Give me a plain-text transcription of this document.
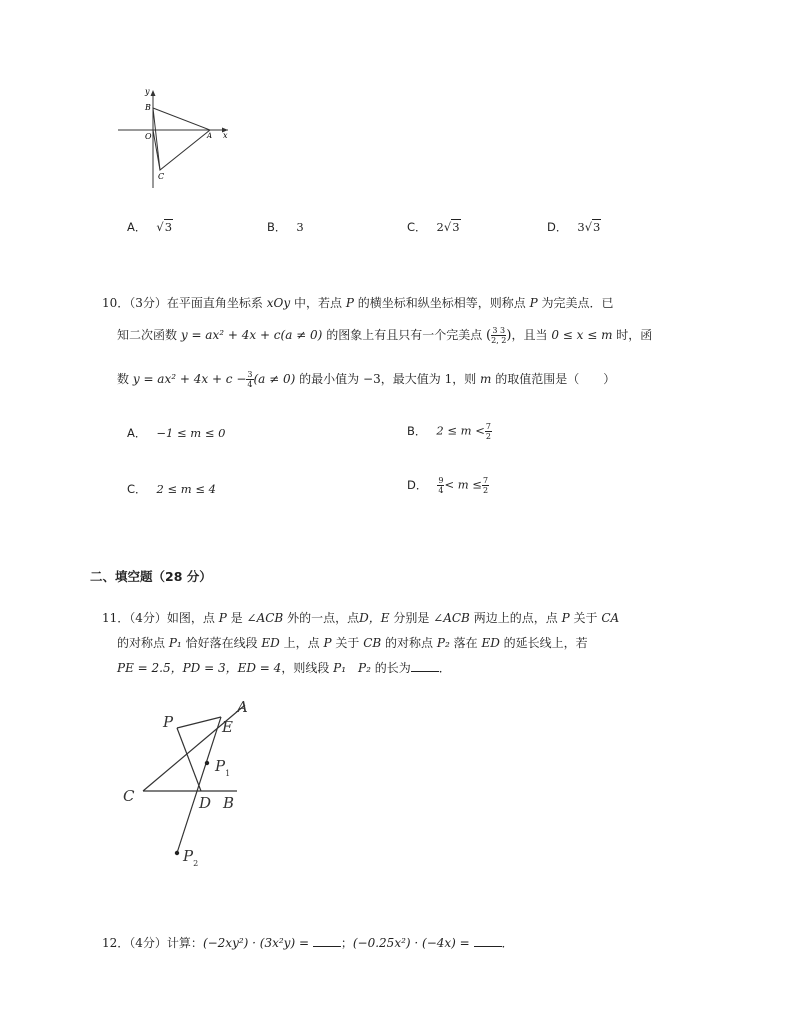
y
x
O	A
B
C
A． √3	B． 3	C． 2√3	D． 3√3
10．（3分）在平面直角坐标系 xOy 中，若点 P 的横坐标和纵坐标相等，则称点 P 为完美点．已
知二次函数 y = ax² + 4x + c(a ≠ 0) 的图象上有且只有一个完美点 ( $\frac{3 3}{2, 2}$ )，且当 0 ≤ x ≤ m 时，函
数 $y = ax^2 + 4x + c - \frac{3}{4} (a \ne 0)$ 的最小值为 −3，最大值为 1，则 m 的取值范围是（　　）
A． −1 ≤ m ≤ 0	B． $2 \le m < \frac{7}{2}$
C． 2 ≤ m ≤ 4	D． $\frac{9}{4} < m \le \frac{7}{2}$
二、填空题（28 分）
11．（4分）如图，点 P 是 ∠ACB 外的一点，点D，E 分别是 ∠ACB 两边上的点，点 P 关于 CA
的对称点 P₁ 恰好落在线段 ED 上，点 P 关于 CB 的对称点 P₂ 落在 ED 的延长线上，若
PE = 2.5，PD = 3，ED = 4，则线段 P₁　P₂ 的长为 ．
A
P	E
$P_1$
C	D B
$P_2$
12．（4分）计算：(−2xy²) · (3x²y) =	；(−0.25x²) · (−4x) =	．
